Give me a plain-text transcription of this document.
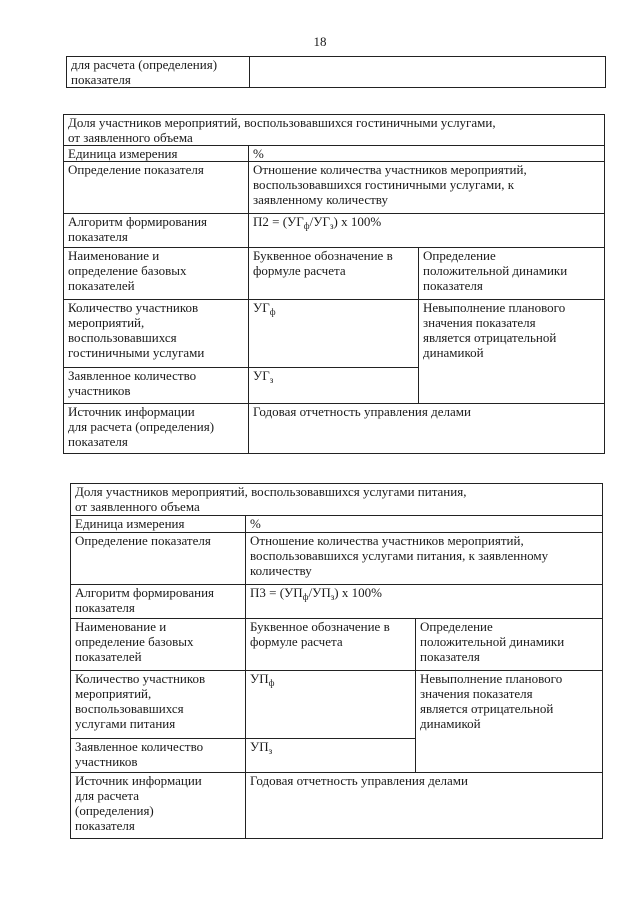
18
для расчета (определения)
показателя	
Доля участников мероприятий, воспользовавшихся гостиничными услугами,
от заявленного объема		
Единица измерения	%	
Определение показателя	Отношение количества участников мероприятий,
воспользовавшихся гостиничными услугами, к
заявленному количеству	
Алгоритм формирования
показателя	$П2 = (УГ_ф/УГ_з)$ х 100%	
Наименование и
определение базовых
показателей	Буквенное обозначение в
формуле расчета	Определение
положительной динамики
показателя
Количество участников
мероприятий,
воспользовавшихся
гостиничными услугами	$УГ_ф$	Невыполнение планового
значения показателя
является отрицательной
динамикой
Заявленное количество
участников	$УГ_з$
Источник информации
для расчета (определения)
показателя	Годовая отчетность управления делами	
Доля участников мероприятий, воспользовавшихся услугами питания,
от заявленного объема		
Единица измерения	%	
Определение показателя	Отношение количества участников мероприятий,
воспользовавшихся услугами питания, к заявленному
количеству	
Алгоритм формирования
показателя	$П3 = (УП_ф/УП_з)$ х 100%	
Наименование и
определение базовых
показателей	Буквенное обозначение в
формуле расчета	Определение
положительной динамики
показателя
Количество участников
мероприятий,
воспользовавшихся
услугами питания	$УП_ф$	Невыполнение планового
значения показателя
является отрицательной
динамикой
Заявленное количество
участников	$УП_з$
Источник информации
для расчета
(определения)
показателя	Годовая отчетность управления делами	
